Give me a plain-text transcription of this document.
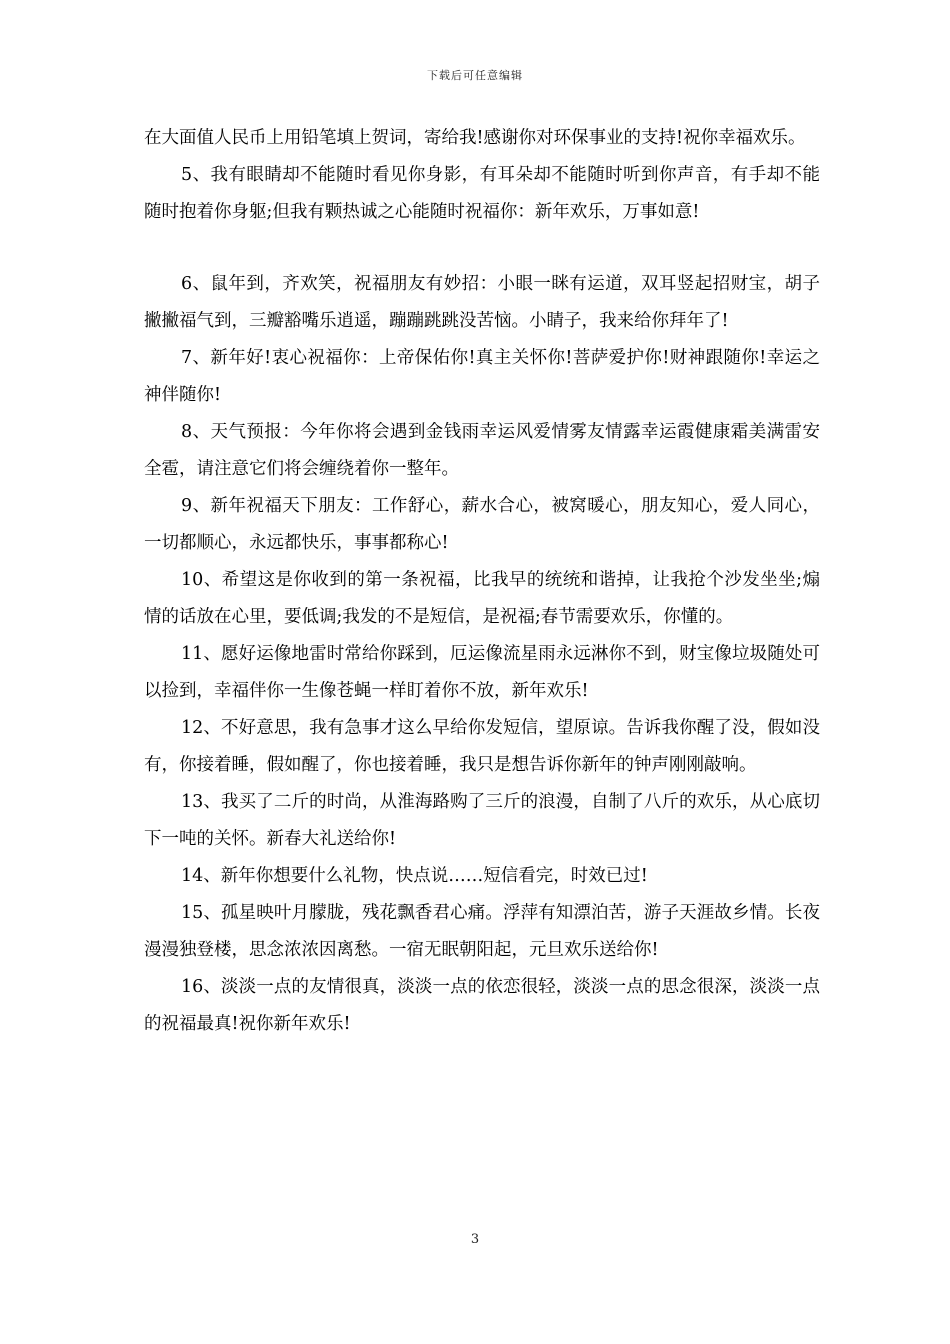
下载后可任意编辑

在大面值人民币上用铅笔填上贺词，寄给我!感谢你对环保事业的支持!祝你幸福欢乐。

5、我有眼睛却不能随时看见你身影，有耳朵却不能随时听到你声音，有手却不能随时抱着你身躯;但我有颗热诚之心能随时祝福你：新年欢乐，万事如意!

6、鼠年到，齐欢笑，祝福朋友有妙招：小眼一眯有运道，双耳竖起招财宝，胡子撇撇福气到，三瓣豁嘴乐逍遥，蹦蹦跳跳没苦恼。小睛子，我来给你拜年了!

7、新年好!衷心祝福你：上帝保佑你!真主关怀你!菩萨爱护你!财神跟随你!幸运之神伴随你!

8、天气预报：今年你将会遇到金钱雨幸运风爱情雾友情露幸运霞健康霜美满雷安全雹，请注意它们将会缠绕着你一整年。

9、新年祝福天下朋友：工作舒心，薪水合心，被窝暖心，朋友知心，爱人同心，一切都顺心，永远都快乐，事事都称心!

10、希望这是你收到的第一条祝福，比我早的统统和谐掉，让我抢个沙发坐坐;煽情的话放在心里，要低调;我发的不是短信，是祝福;春节需要欢乐，你懂的。

11、愿好运像地雷时常给你踩到，厄运像流星雨永远淋你不到，财宝像垃圾随处可以捡到，幸福伴你一生像苍蝇一样盯着你不放，新年欢乐!

12、不好意思，我有急事才这么早给你发短信，望原谅。告诉我你醒了没，假如没有，你接着睡，假如醒了，你也接着睡，我只是想告诉你新年的钟声刚刚敲响。

13、我买了二斤的时尚，从淮海路购了三斤的浪漫，自制了八斤的欢乐，从心底切下一吨的关怀。新春大礼送给你!

14、新年你想要什么礼物，快点说……短信看完，时效已过!

15、孤星映叶月朦胧，残花飘香君心痛。浮萍有知漂泊苦，游子天涯故乡情。长夜漫漫独登楼，思念浓浓因离愁。一宿无眠朝阳起，元旦欢乐送给你!

16、淡淡一点的友情很真，淡淡一点的依恋很轻，淡淡一点的思念很深，淡淡一点的祝福最真!祝你新年欢乐!

3
